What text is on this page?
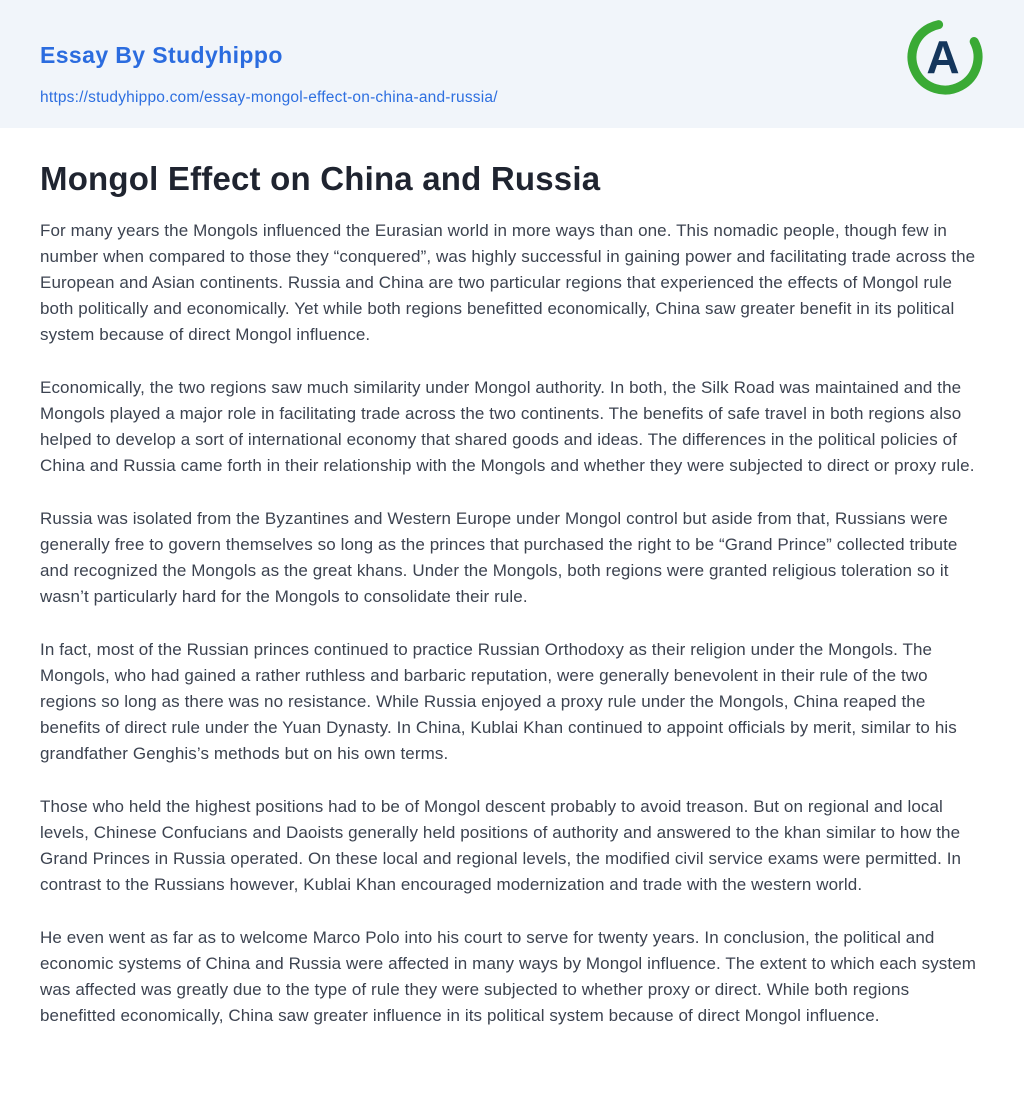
Essay By Studyhippo
https://studyhippo.com/essay-mongol-effect-on-china-and-russia/
A
Mongol Effect on China and Russia

For many years the Mongols influenced the Eurasian world in more ways than one. This nomadic people, though few in number when compared to those they “conquered”, was highly successful in gaining power and facilitating trade across the European and Asian continents. Russia and China are two particular regions that experienced the effects of Mongol rule both politically and economically. Yet while both regions benefitted economically, China saw greater benefit in its political system because of direct Mongol influence.

Economically, the two regions saw much similarity under Mongol authority. In both, the Silk Road was maintained and the Mongols played a major role in facilitating trade across the two continents. The benefits of safe travel in both regions also helped to develop a sort of international economy that shared goods and ideas. The differences in the political policies of China and Russia came forth in their relationship with the Mongols and whether they were subjected to direct or proxy rule.

Russia was isolated from the Byzantines and Western Europe under Mongol control but aside from that, Russians were generally free to govern themselves so long as the princes that purchased the right to be “Grand Prince” collected tribute and recognized the Mongols as the great khans. Under the Mongols, both regions were granted religious toleration so it wasn’t particularly hard for the Mongols to consolidate their rule.

In fact, most of the Russian princes continued to practice Russian Orthodoxy as their religion under the Mongols. The Mongols, who had gained a rather ruthless and barbaric reputation, were generally benevolent in their rule of the two regions so long as there was no resistance. While Russia enjoyed a proxy rule under the Mongols, China reaped the benefits of direct rule under the Yuan Dynasty. In China, Kublai Khan continued to appoint officials by merit, similar to his grandfather Genghis’s methods but on his own terms.

Those who held the highest positions had to be of Mongol descent probably to avoid treason. But on regional and local levels, Chinese Confucians and Daoists generally held positions of authority and answered to the khan similar to how the Grand Princes in Russia operated. On these local and regional levels, the modified civil service exams were permitted. In contrast to the Russians however, Kublai Khan encouraged modernization and trade with the western world.

He even went as far as to welcome Marco Polo into his court to serve for twenty years. In conclusion, the political and economic systems of China and Russia were affected in many ways by Mongol influence. The extent to which each system was affected was greatly due to the type of rule they were subjected to whether proxy or direct. While both regions benefitted economically, China saw greater influence in its political system because of direct Mongol influence.
